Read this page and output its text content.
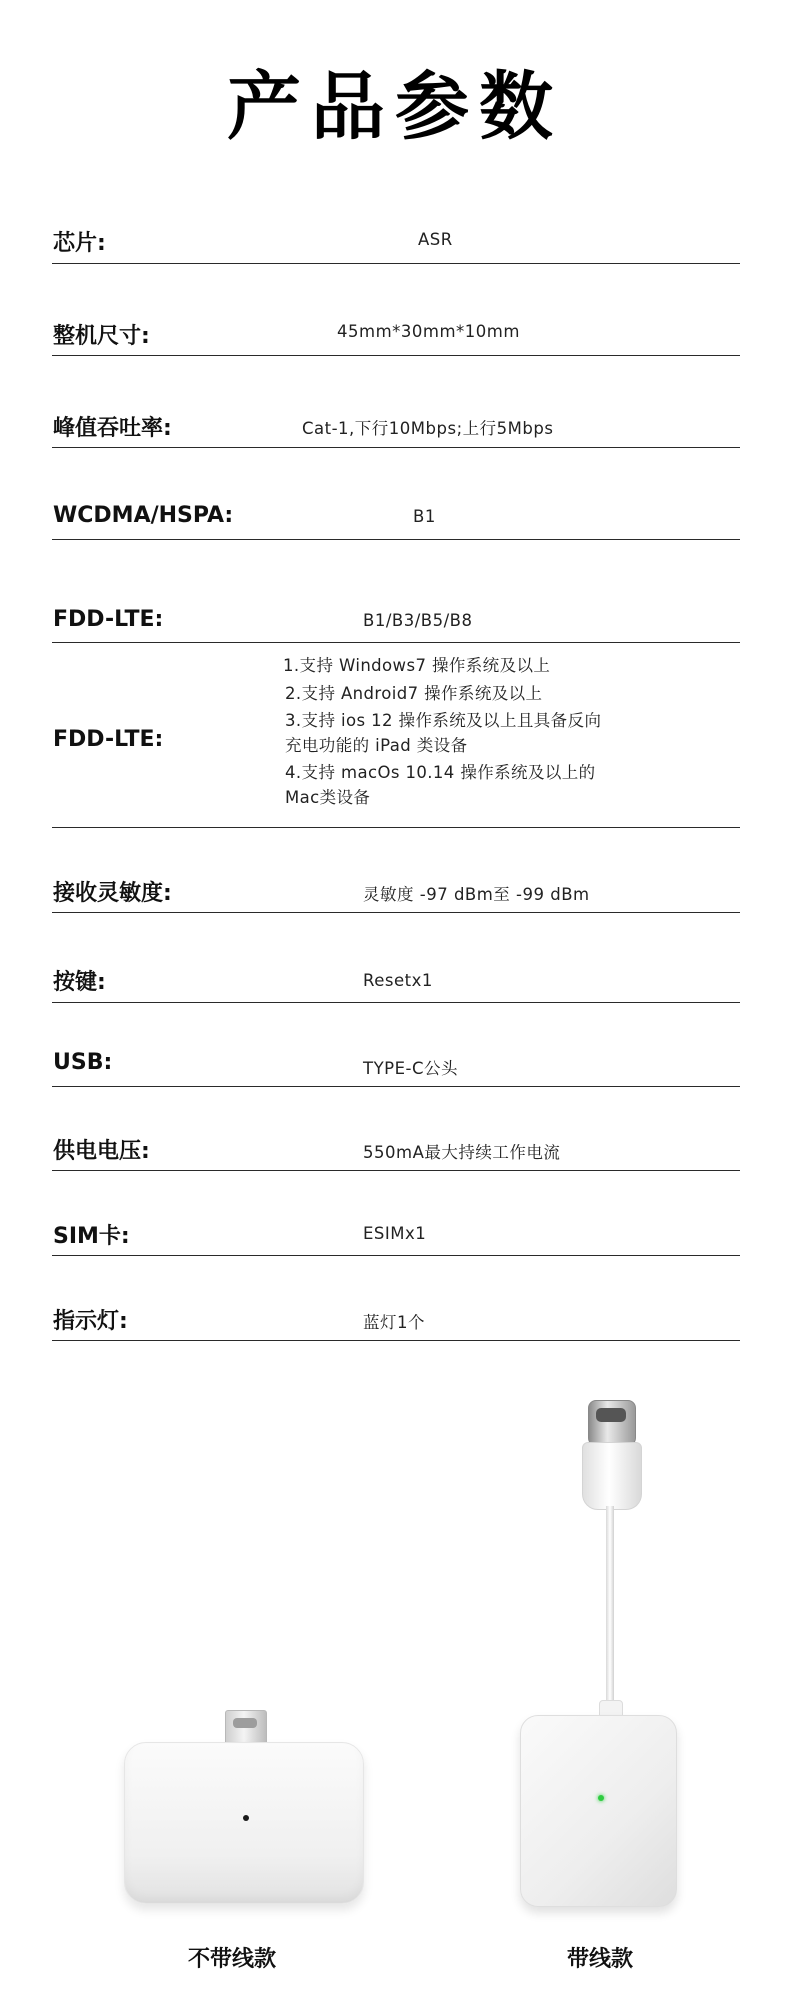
产品参数
芯片:	ASR
整机尺寸:	45mm*30mm*10mm
峰值吞吐率:	Cat-1,下行10Mbps;上行5Mbps
WCDMA/HSPA:	B1
FDD-LTE:	B1/B3/B5/B8
FDD-LTE:
1.支持 Windows7 操作系统及以上
2.支持 Android7 操作系统及以上
3.支持 ios 12 操作系统及以上且具备反向
充电功能的 iPad 类设备
4.支持 macOs 10.14 操作系统及以上的
Mac类设备
接收灵敏度:	灵敏度 -97 dBm至 -99 dBm
按键:	Resetx1
USB:	TYPE-C公头
供电电压:	550mA最大持续工作电流
SIM卡:	ESIMx1
指示灯:	蓝灯1个
不带线款	带线款
